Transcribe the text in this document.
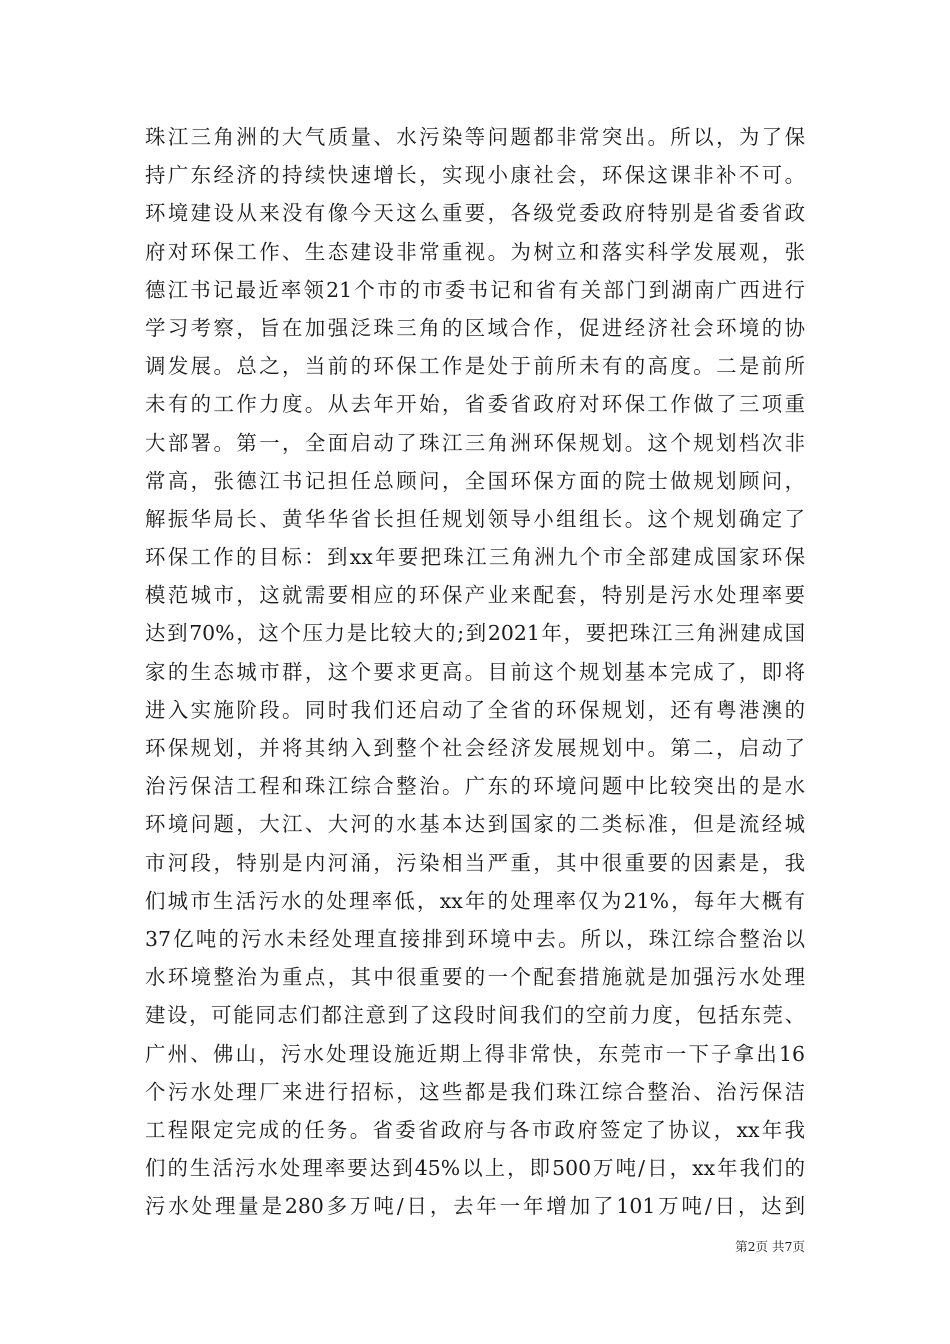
珠江三角洲的大气质量、水污染等问题都非常突出。所以，为了保
持广东经济的持续快速增长，实现小康社会，环保这课非补不可。
环境建设从来没有像今天这么重要，各级党委政府特别是省委省政
府对环保工作、生态建设非常重视。为树立和落实科学发展观，张
德江书记最近率领21个市的市委书记和省有关部门到湖南广西进行
学习考察，旨在加强泛珠三角的区域合作，促进经济社会环境的协
调发展。总之，当前的环保工作是处于前所未有的高度。二是前所
未有的工作力度。从去年开始，省委省政府对环保工作做了三项重
大部署。第一，全面启动了珠江三角洲环保规划。这个规划档次非
常高，张德江书记担任总顾问，全国环保方面的院士做规划顾问，
解振华局长、黄华华省长担任规划领导小组组长。这个规划确定了
环保工作的目标：到xx年要把珠江三角洲九个市全部建成国家环保
模范城市，这就需要相应的环保产业来配套，特别是污水处理率要
达到70%，这个压力是比较大的;到2021年，要把珠江三角洲建成国
家的生态城市群，这个要求更高。目前这个规划基本完成了，即将
进入实施阶段。同时我们还启动了全省的环保规划，还有粤港澳的
环保规划，并将其纳入到整个社会经济发展规划中。第二，启动了
治污保洁工程和珠江综合整治。广东的环境问题中比较突出的是水
环境问题，大江、大河的水基本达到国家的二类标准，但是流经城
市河段，特别是内河涌，污染相当严重，其中很重要的因素是，我
们城市生活污水的处理率低，xx年的处理率仅为21%，每年大概有
37亿吨的污水未经处理直接排到环境中去。所以，珠江综合整治以
水环境整治为重点，其中很重要的一个配套措施就是加强污水处理
建设，可能同志们都注意到了这段时间我们的空前力度，包括东莞、
广州、佛山，污水处理设施近期上得非常快，东莞市一下子拿出16
个污水处理厂来进行招标，这些都是我们珠江综合整治、治污保洁
工程限定完成的任务。省委省政府与各市政府签定了协议，xx年我
们的生活污水处理率要达到45%以上，即500万吨/日，xx年我们的
污水处理量是280多万吨/日，去年一年增加了101万吨/日，达到
第2页 共7页
